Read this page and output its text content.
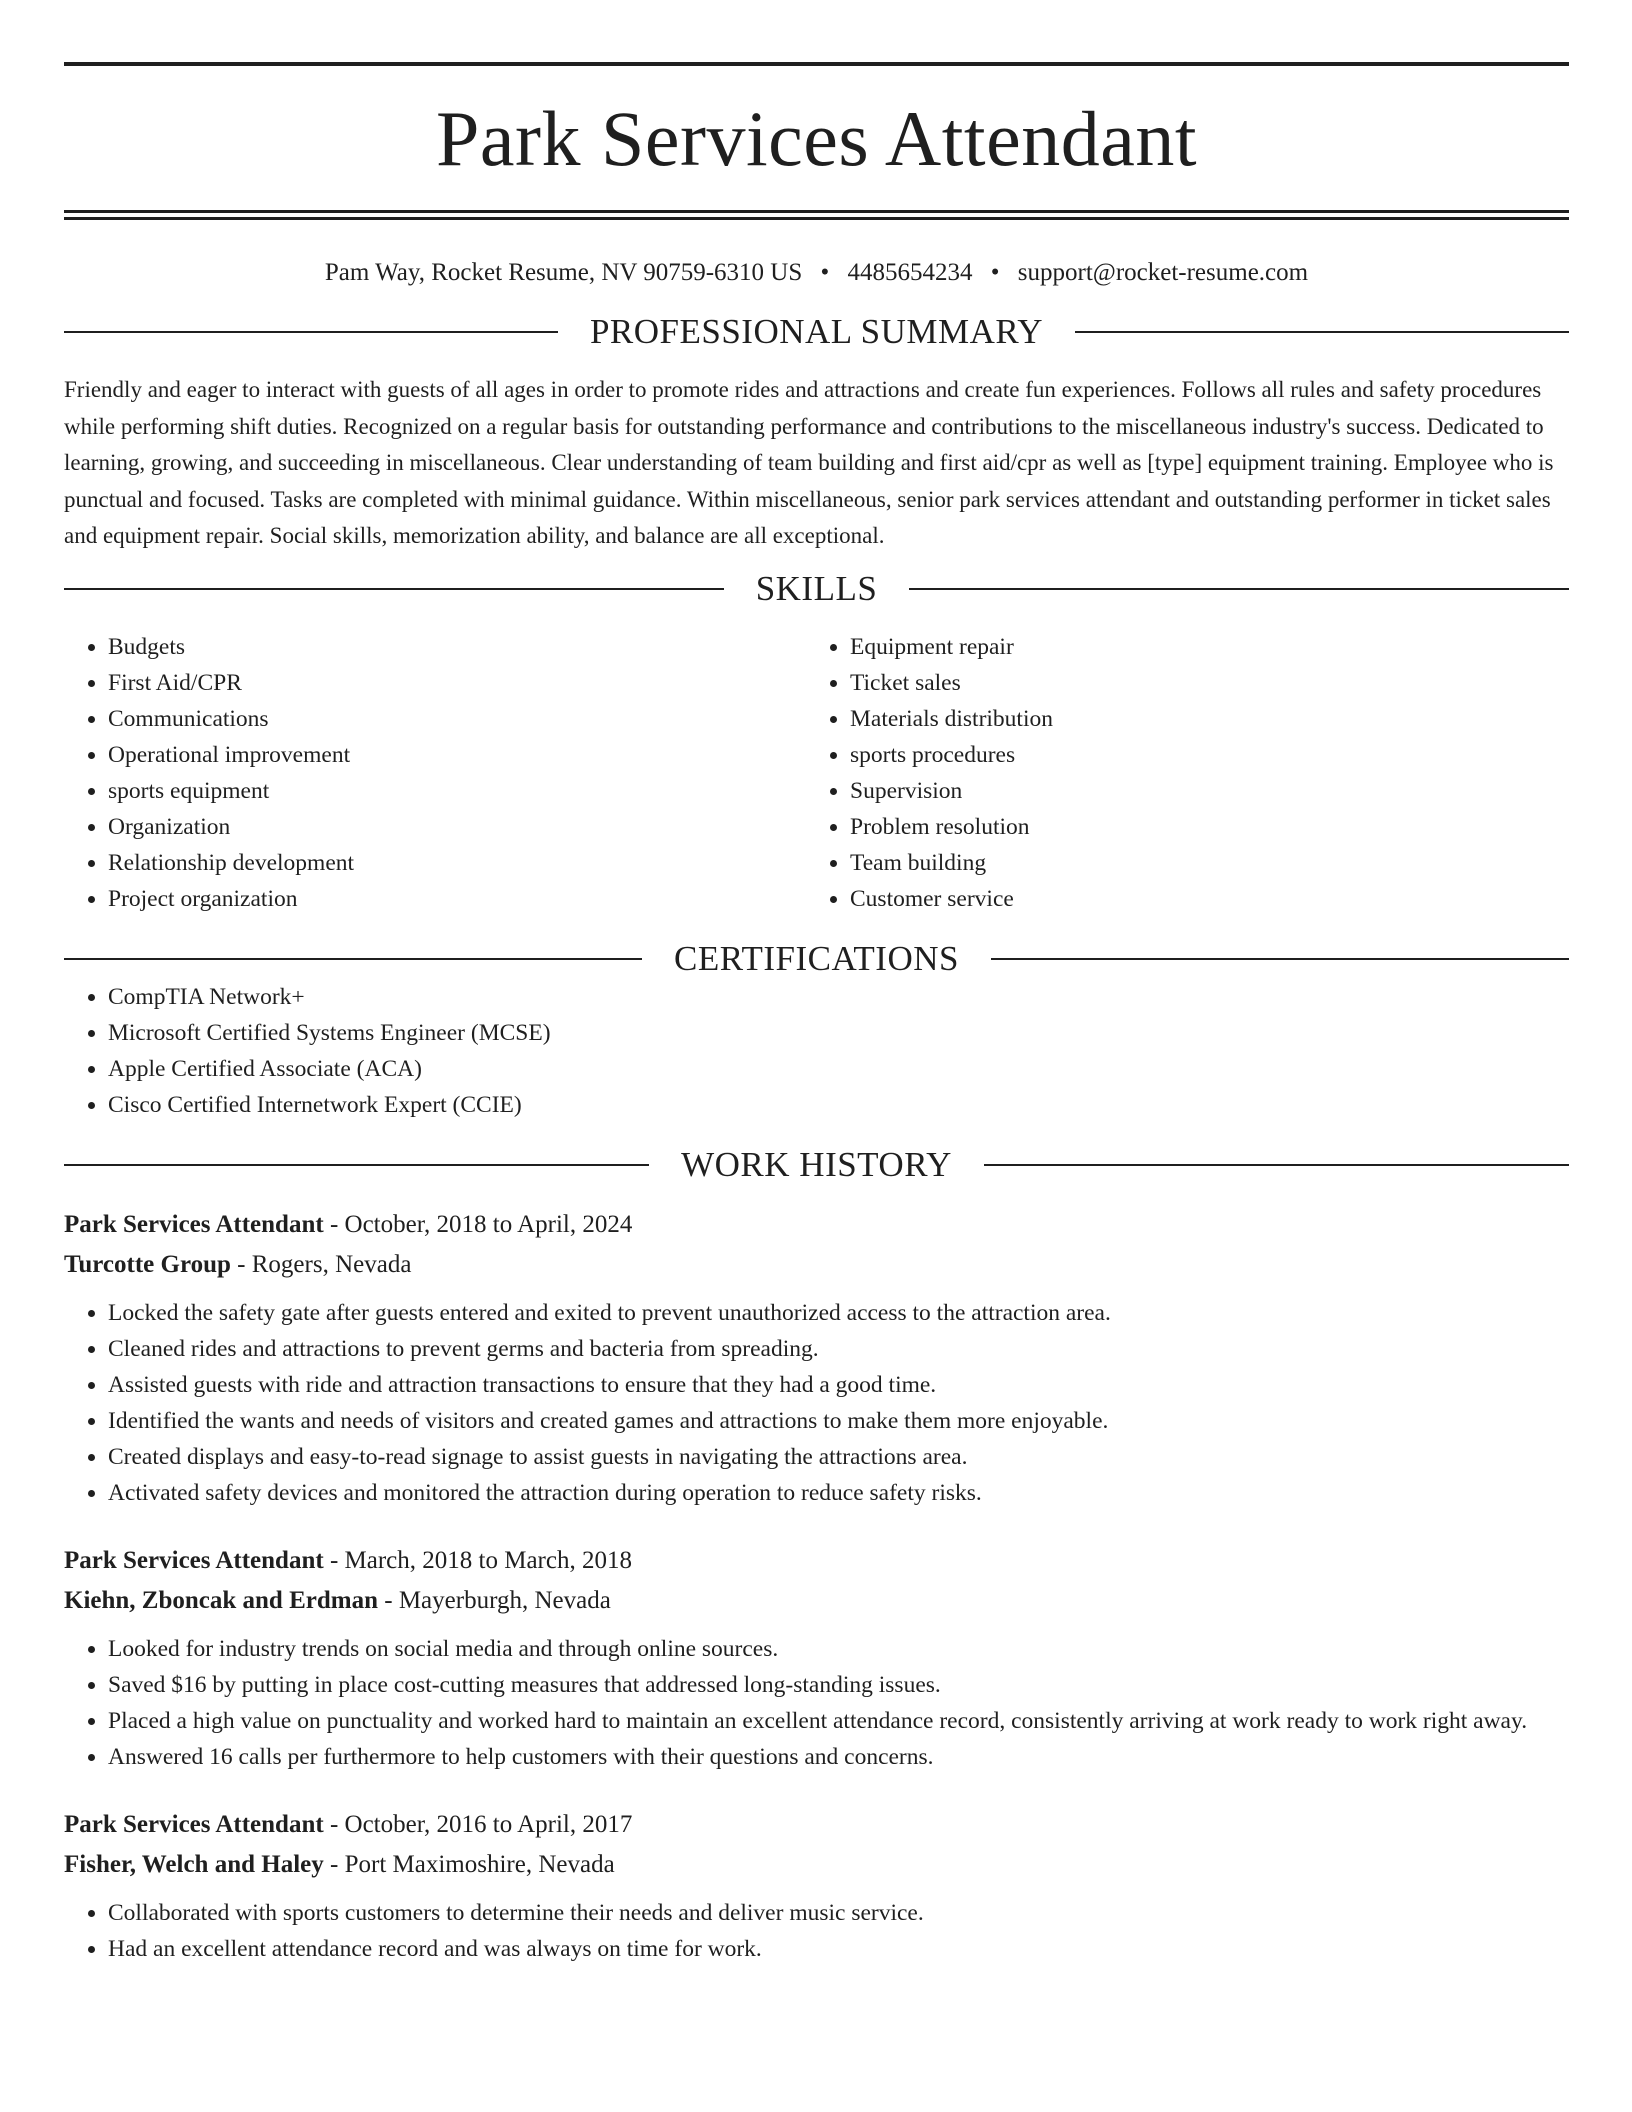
Park Services Attendant
Pam Way, Rocket Resume, NV 90759-6310 US • 4485654234 • support@rocket-resume.com
PROFESSIONAL SUMMARY

Friendly and eager to interact with guests of all ages in order to promote rides and attractions and create fun experiences. Follows all rules and safety procedures while performing shift duties. Recognized on a regular basis for outstanding performance and contributions to the miscellaneous industry's success. Dedicated to learning, growing, and succeeding in miscellaneous. Clear understanding of team building and first aid/cpr as well as [type] equipment training. Employee who is punctual and focused. Tasks are completed with minimal guidance. Within miscellaneous, senior park services attendant and outstanding performer in ticket sales and equipment repair. Social skills, memorization ability, and balance are all exceptional.

SKILLS
• Budgets
• First Aid/CPR
• Communications
• Operational improvement
• sports equipment
• Organization
• Relationship development
• Project organization
• Equipment repair
• Ticket sales
• Materials distribution
• sports procedures
• Supervision
• Problem resolution
• Team building
• Customer service
CERTIFICATIONS
• CompTIA Network+
• Microsoft Certified Systems Engineer (MCSE)
• Apple Certified Associate (ACA)
• Cisco Certified Internetwork Expert (CCIE)
WORK HISTORY
Park Services Attendant - October, 2018 to April, 2024
Turcotte Group - Rogers, Nevada
• Locked the safety gate after guests entered and exited to prevent unauthorized access to the attraction area.
• Cleaned rides and attractions to prevent germs and bacteria from spreading.
• Assisted guests with ride and attraction transactions to ensure that they had a good time.
• Identified the wants and needs of visitors and created games and attractions to make them more enjoyable.
• Created displays and easy-to-read signage to assist guests in navigating the attractions area.
• Activated safety devices and monitored the attraction during operation to reduce safety risks.
Park Services Attendant - March, 2018 to March, 2018
Kiehn, Zboncak and Erdman - Mayerburgh, Nevada
• Looked for industry trends on social media and through online sources.
• Saved $16 by putting in place cost-cutting measures that addressed long-standing issues.
• Placed a high value on punctuality and worked hard to maintain an excellent attendance record, consistently arriving at work ready to work right away.
• Answered 16 calls per furthermore to help customers with their questions and concerns.
Park Services Attendant - October, 2016 to April, 2017
Fisher, Welch and Haley - Port Maximoshire, Nevada
• Collaborated with sports customers to determine their needs and deliver music service.
• Had an excellent attendance record and was always on time for work.
